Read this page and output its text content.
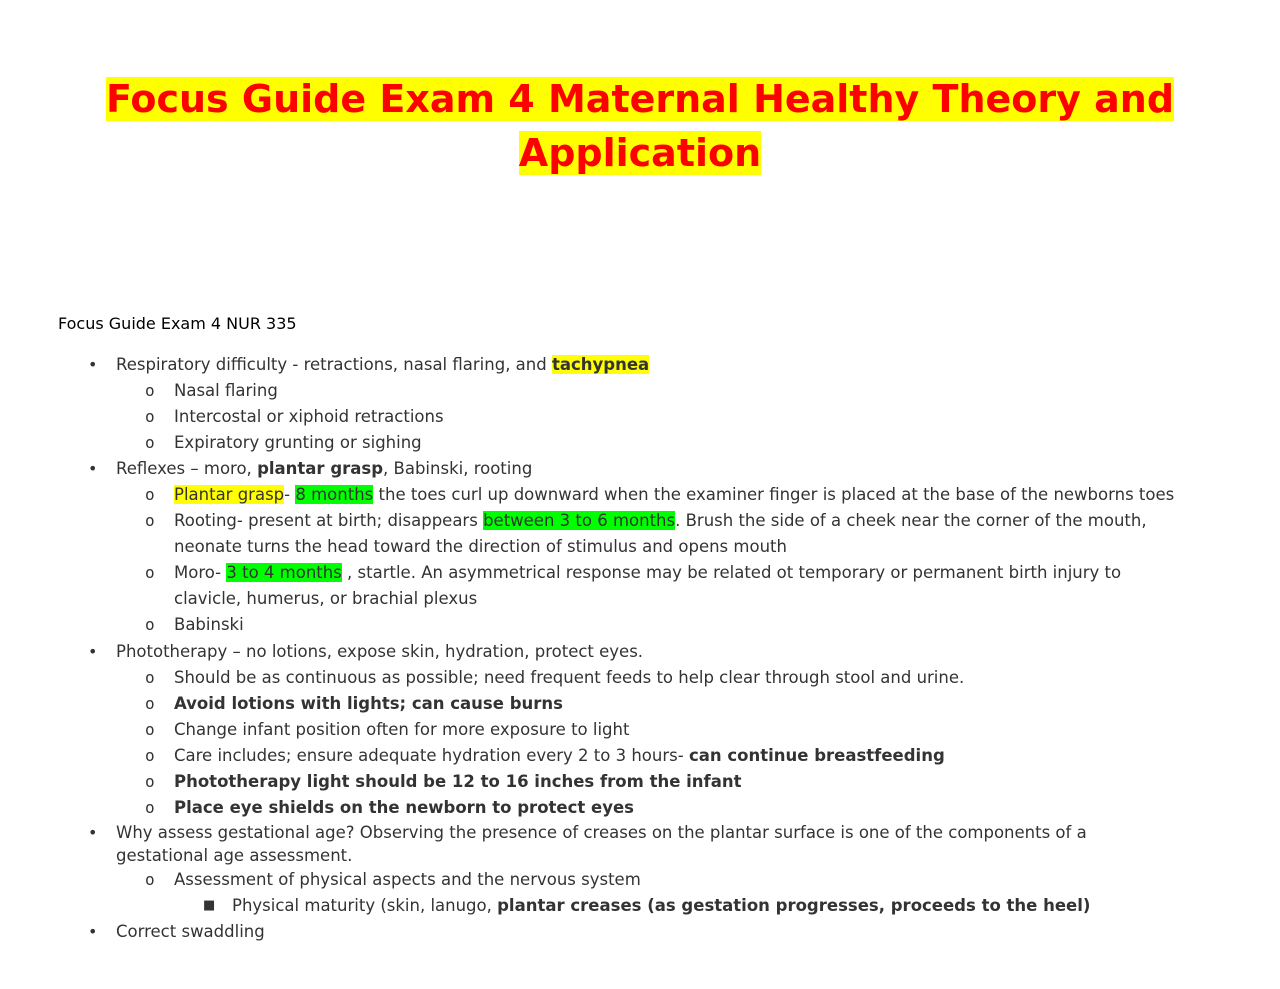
Focus Guide Exam 4 Maternal Healthy Theory and
Application
Focus Guide Exam 4 NUR 335
• Respiratory difficulty - retractions, nasal flaring, and tachypnea
o Nasal flaring
o Intercostal or xiphoid retractions
o Expiratory grunting or sighing
• Reflexes – moro, plantar grasp, Babinski, rooting
o Plantar grasp- 8 months the toes curl up downward when the examiner finger is placed at the base of the newborns toes
o Rooting- present at birth; disappears between 3 to 6 months. Brush the side of a cheek near the corner of the mouth, neonate turns the head toward the direction of stimulus and opens mouth
o Moro- 3 to 4 months , startle. An asymmetrical response may be related ot temporary or permanent birth injury to clavicle, humerus, or brachial plexus
o Babinski
• Phototherapy – no lotions, expose skin, hydration, protect eyes.
o Should be as continuous as possible; need frequent feeds to help clear through stool and urine.
o Avoid lotions with lights; can cause burns
o Change infant position often for more exposure to light
o Care includes; ensure adequate hydration every 2 to 3 hours- can continue breastfeeding
o Phototherapy light should be 12 to 16 inches from the infant
o Place eye shields on the newborn to protect eyes
• Why assess gestational age? Observing the presence of creases on the plantar surface is one of the components of a gestational age assessment.
o Assessment of physical aspects and the nervous system
■ Physical maturity (skin, lanugo, plantar creases (as gestation progresses, proceeds to the heel)
• Correct swaddling
